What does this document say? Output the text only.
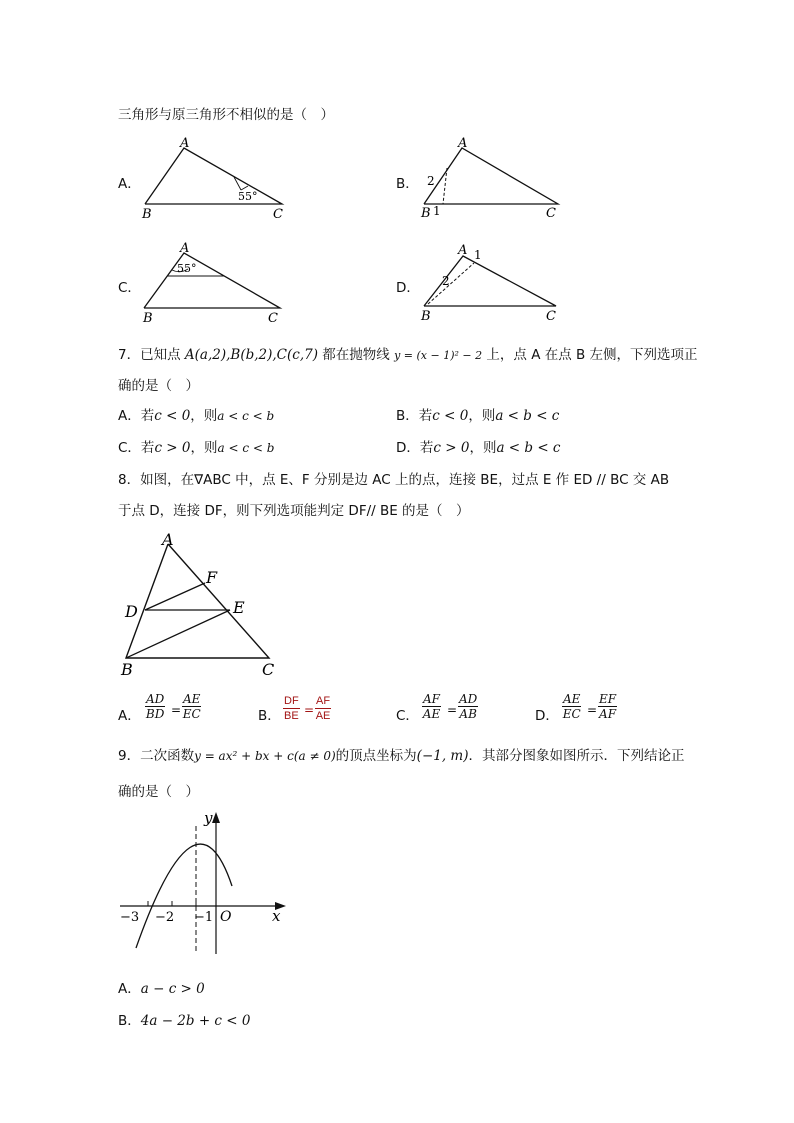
三角形与原三角形不相似的是（　）
A．
A
B	C
55°
B．
A
B	C
2
1
C．
A
B	C
55°
D．
A
B	C
2
1
7．已知点 A(a,2),B(b,2),C(c,7) 都在抛物线 y = (x − 1)² − 2 上，点 A 在点 B 左侧，下列选项正
确的是（　）
A．若c < 0，则a < c < b	B．若c < 0，则a < b < c
C．若c > 0，则a < c < b	D．若c > 0，则a < b < c
8．如图，在∇ABC 中，点 E、F 分别是边 AC 上的点，连接 BE，过点 E 作 ED // BC 交 AB
于点 D，连接 DF，则下列选项能判定 DF// BE 的是（　）
A
B	C
D	E
F
A． $\frac{AD}{BD} = \frac{AE}{EC}$	B． $\frac{DF}{BE} = \frac{AF}{AE}$	C． $\frac{AF}{AE} = \frac{AD}{AB}$	D． $\frac{AE}{EC} = \frac{EF}{AF}$
9．二次函数y = ax² + bx + c(a ≠ 0)的顶点坐标为(−1, m)．其部分图象如图所示．下列结论正
确的是（　）
y
x
O
−3 −2 −1
A．a − c > 0
B．4a − 2b + c < 0
